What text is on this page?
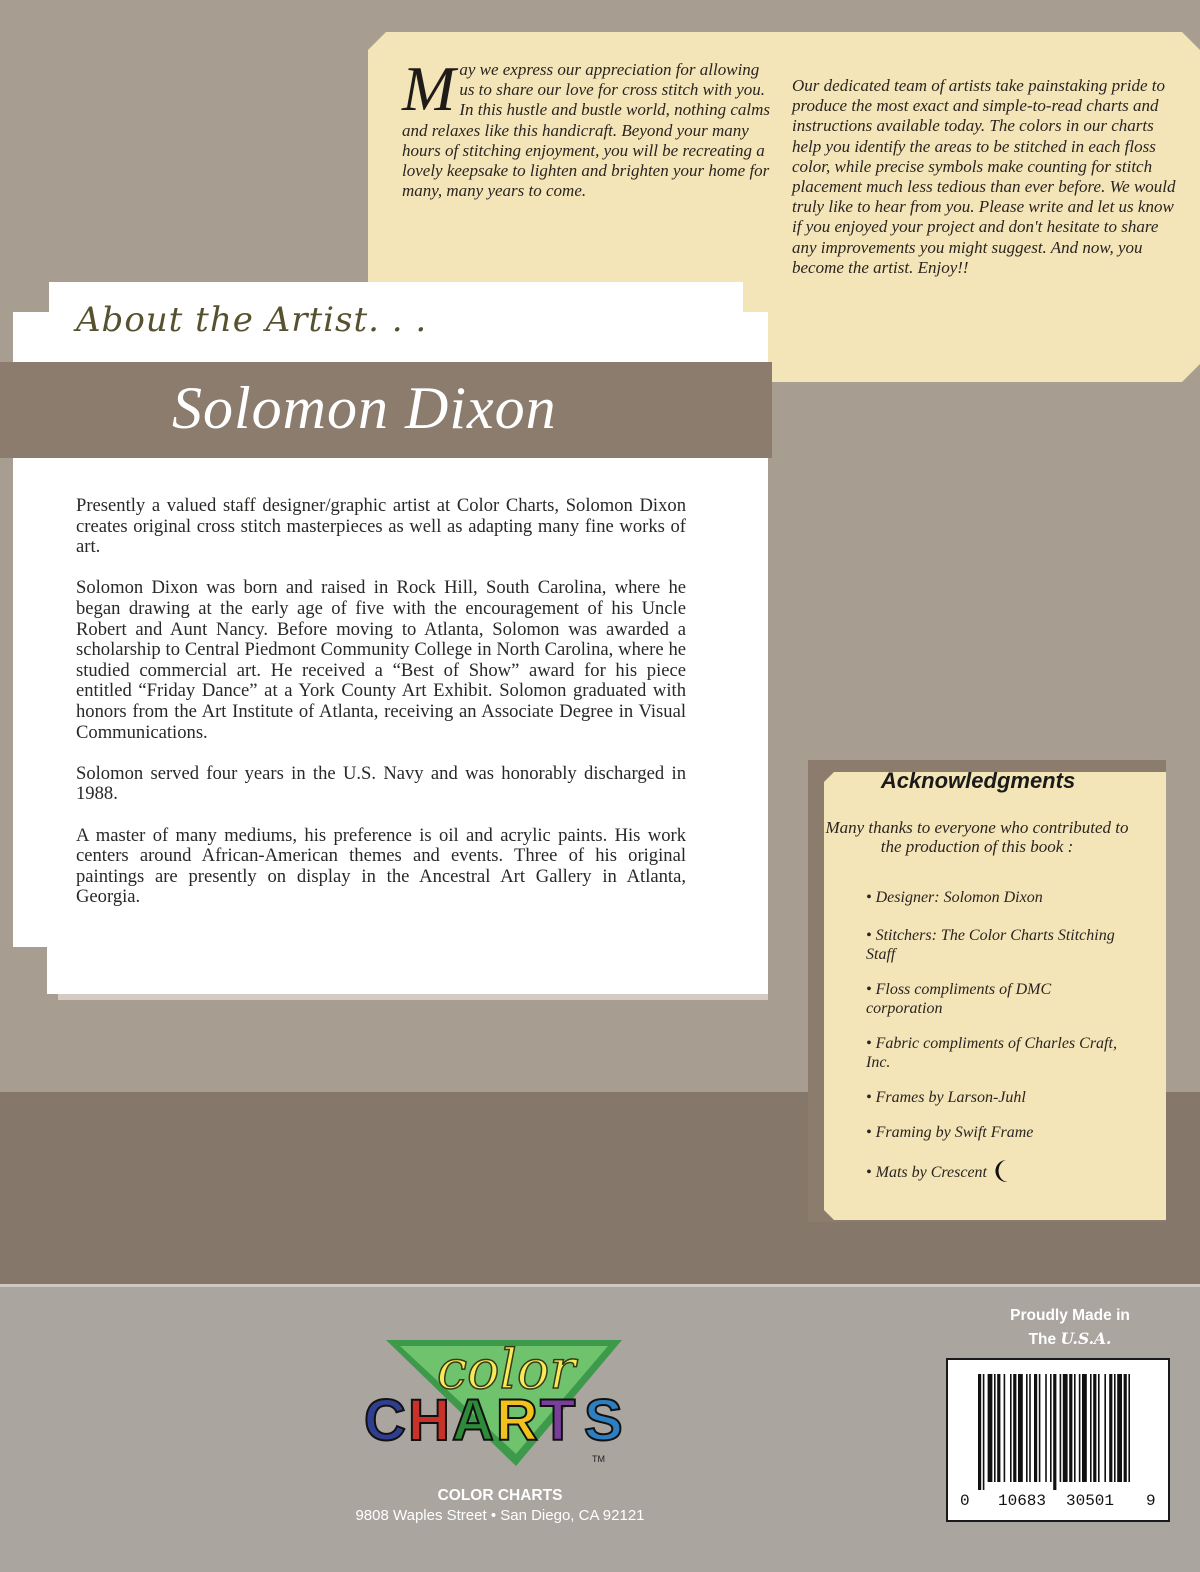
M ay we express our appreciation for allowing us to share our love for cross stitch with you. In this hustle and bustle world, nothing calms and relaxes like this handicraft. Beyond your many hours of stitching enjoyment, you will be recreating a lovely keepsake to lighten and brighten your home for many, many years to come.

Our dedicated team of artists take painstaking pride to produce the most exact and simple-to-read charts and instructions available today. The colors in our charts help you identify the areas to be stitched in each floss color, while precise symbols make counting for stitch placement much less tedious than ever before. We would truly like to hear from you. Please write and let us know if you enjoyed your project and don't hesitate to share any improvements you might suggest. And now, you become the artist. Enjoy!!

About the Artist. . .
Solomon Dixon

Presently a valued staff designer/graphic artist at Color Charts, Solomon Dixon creates original cross stitch masterpieces as well as adapting many fine works of art.

Solomon Dixon was born and raised in Rock Hill, South Carolina, where he began drawing at the early age of five with the encouragement of his Uncle Robert and Aunt Nancy. Before moving to Atlanta, Solomon was awarded a scholarship to Central Piedmont Community College in North Carolina, where he studied commercial art. He received a “Best of Show” award for his piece entitled “Friday Dance” at a York County Art Exhibit. Solomon graduated with honors from the Art Institute of Atlanta, receiving an Associate Degree in Visual Communications.

Solomon served four years in the U.S. Navy and was honorably discharged in 1988.

A master of many mediums, his preference is oil and acrylic paints. His work centers around African-American themes and events. Three of his original paintings are presently on display in the Ancestral Art Gallery in Atlanta, Georgia.

Acknowledgments
Many thanks to everyone who contributed to the production of this book :
• Designer: Solomon Dixon
• Stitchers: The Color Charts Stitching Staff
• Floss compliments of DMC corporation
• Fabric compliments of Charles Craft, Inc.
• Frames by Larson-Juhl
• Framing by Swift Frame
• Mats by Crescent
Proudly Made in
The U.S.A.
0 10683 30501 9
color
C H A R T S
TM
COLOR CHARTS
9808 Waples Street • San Diego, CA 92121
